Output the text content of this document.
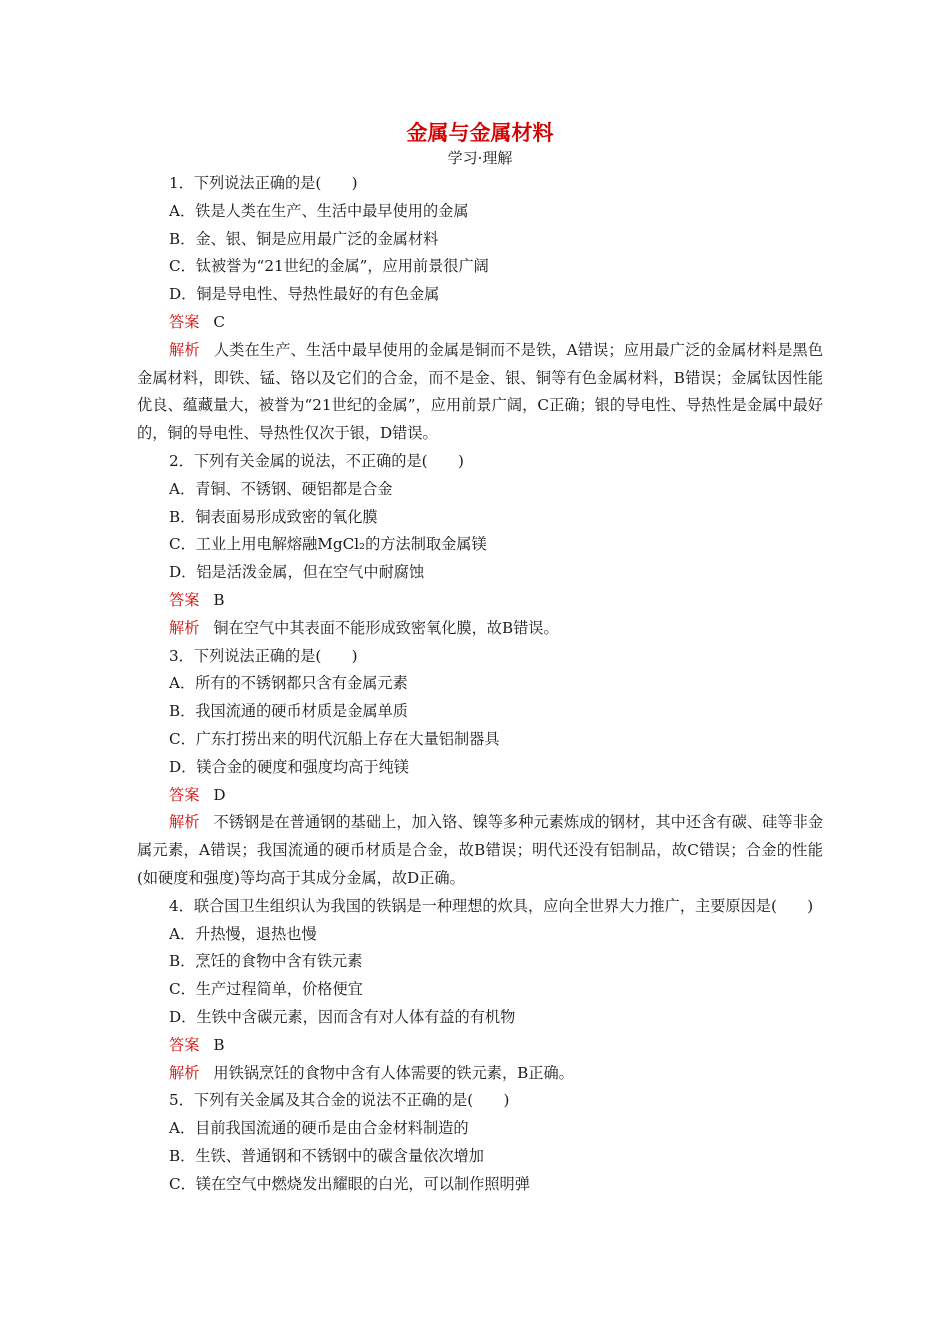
金属与金属材料
学习·理解

1．下列说法正确的是(　　)

A．铁是人类在生产、生活中最早使用的金属

B．金、银、铜是应用最广泛的金属材料

C．钛被誉为“21世纪的金属”，应用前景很广阔

D．铜是导电性、导热性最好的有色金属

答案 C

解析 人类在生产、生活中最早使用的金属是铜而不是铁，A错误；应用最广泛的金属材料是黑色金属材料，即铁、锰、铬以及它们的合金，而不是金、银、铜等有色金属材料，B错误；金属钛因性能优良、蕴藏量大，被誉为“21世纪的金属”，应用前景广阔，C正确；银的导电性、导热性是金属中最好的，铜的导电性、导热性仅次于银，D错误。

2．下列有关金属的说法，不正确的是(　　)

A．青铜、不锈钢、硬铝都是合金

B．铜表面易形成致密的氧化膜

C．工业上用电解熔融MgCl₂的方法制取金属镁

D．铝是活泼金属，但在空气中耐腐蚀

答案 B

解析 铜在空气中其表面不能形成致密氧化膜，故B错误。

3．下列说法正确的是(　　)

A．所有的不锈钢都只含有金属元素

B．我国流通的硬币材质是金属单质

C．广东打捞出来的明代沉船上存在大量铝制器具

D．镁合金的硬度和强度均高于纯镁

答案 D

解析 不锈钢是在普通钢的基础上，加入铬、镍等多种元素炼成的钢材，其中还含有碳、硅等非金属元素，A错误；我国流通的硬币材质是合金，故B错误；明代还没有铝制品，故C错误；合金的性能(如硬度和强度)等均高于其成分金属，故D正确。

4．联合国卫生组织认为我国的铁锅是一种理想的炊具，应向全世界大力推广，主要原因是(　　)

A．升热慢，退热也慢

B．烹饪的食物中含有铁元素

C．生产过程简单，价格便宜

D．生铁中含碳元素，因而含有对人体有益的有机物

答案 B

解析 用铁锅烹饪的食物中含有人体需要的铁元素，B正确。

5．下列有关金属及其合金的说法不正确的是(　　)

A．目前我国流通的硬币是由合金材料制造的

B．生铁、普通钢和不锈钢中的碳含量依次增加

C．镁在空气中燃烧发出耀眼的白光，可以制作照明弹
